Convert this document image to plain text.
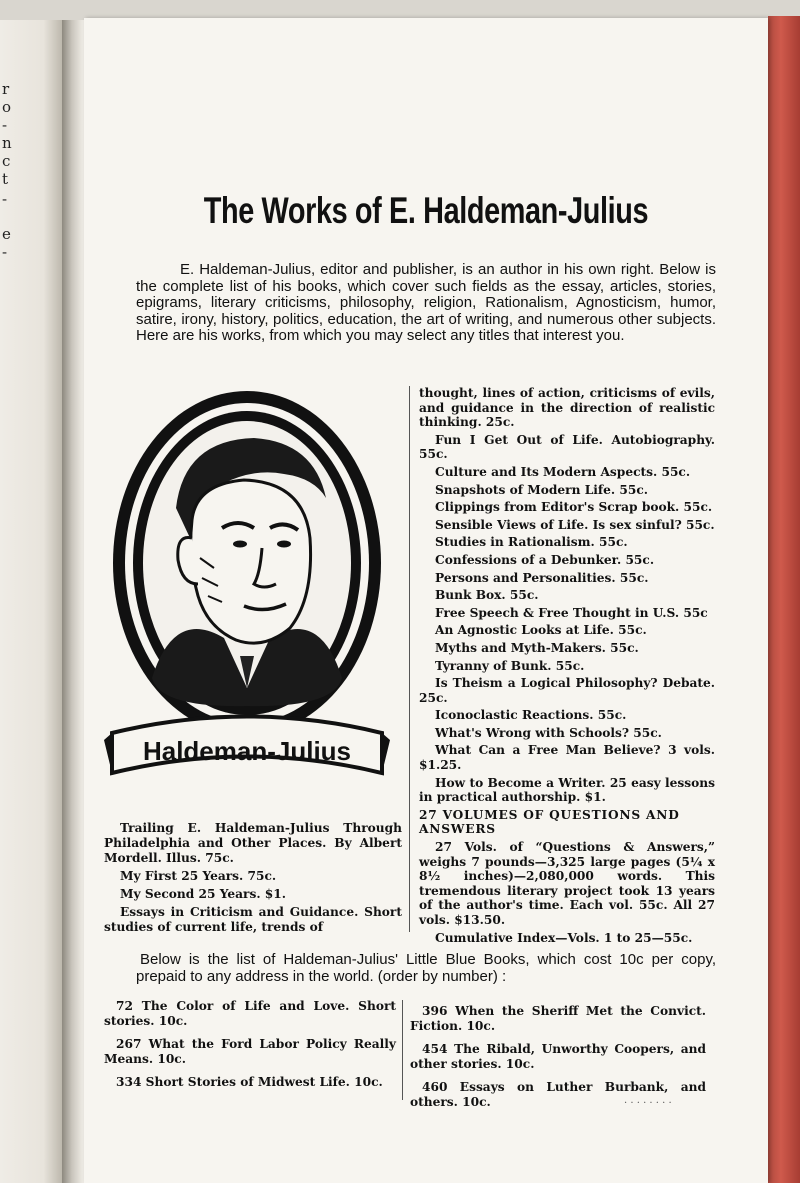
r
o
-
n
c
t
-
e
-
The Works of E. Haldeman-Julius
E. Haldeman-Julius, editor and publisher, is an author in his own right. Below is the complete list of his books, which cover such fields as the essay, articles, stories, epigrams, literary criticisms, philosophy, religion, Rationalism, Agnosticism, humor, satire, irony, history, politics, education, the art of writing, and numerous other subjects. Here are his works, from which you may select any titles that interest you.
Haldeman-Julius
Trailing E. Haldeman-Julius Through Philadelphia and Other Places. By Albert Mordell. Illus. 75c.
My First 25 Years. 75c.
My Second 25 Years. $1.
Essays in Criticism and Guidance. Short studies of current life, trends of
thought, lines of action, criticisms of evils, and guidance in the direction of realistic thinking. 25c.
Fun I Get Out of Life. Autobiography. 55c.
Culture and Its Modern Aspects. 55c.
Snapshots of Modern Life. 55c.
Clippings from Editor's Scrap book. 55c.
Sensible Views of Life. Is sex sinful? 55c.
Studies in Rationalism. 55c.
Confessions of a Debunker. 55c.
Persons and Personalities. 55c.
Bunk Box. 55c.
Free Speech & Free Thought in U.S. 55c
An Agnostic Looks at Life. 55c.
Myths and Myth-Makers. 55c.
Tyranny of Bunk. 55c.
Is Theism a Logical Philosophy? Debate. 25c.
Iconoclastic Reactions. 55c.
What's Wrong with Schools? 55c.
What Can a Free Man Believe? 3 vols. $1.25.
How to Become a Writer. 25 easy lessons in practical authorship. $1.
27 VOLUMES OF QUESTIONS AND ANSWERS
27 Vols. of “Questions & Answers,” weighs 7 pounds—3,325 large pages (5¼ x 8½ inches)—2,080,000 words. This tremendous literary project took 13 years of the author's time. Each vol. 55c. All 27 vols. $13.50.
Cumulative Index—Vols. 1 to 25—55c.
Below is the list of Haldeman-Julius' Little Blue Books, which cost 10c per copy, prepaid to any address in the world. (order by number) :
72 The Color of Life and Love. Short stories. 10c.
267 What the Ford Labor Policy Really Means. 10c.
334 Short Stories of Midwest Life. 10c.
396 When the Sheriff Met the Convict. Fiction. 10c.
454 The Ribald, Unworthy Coopers, and other stories. 10c.
460 Essays on Luther Burbank, and others. 10c.	. . . . . . . .
